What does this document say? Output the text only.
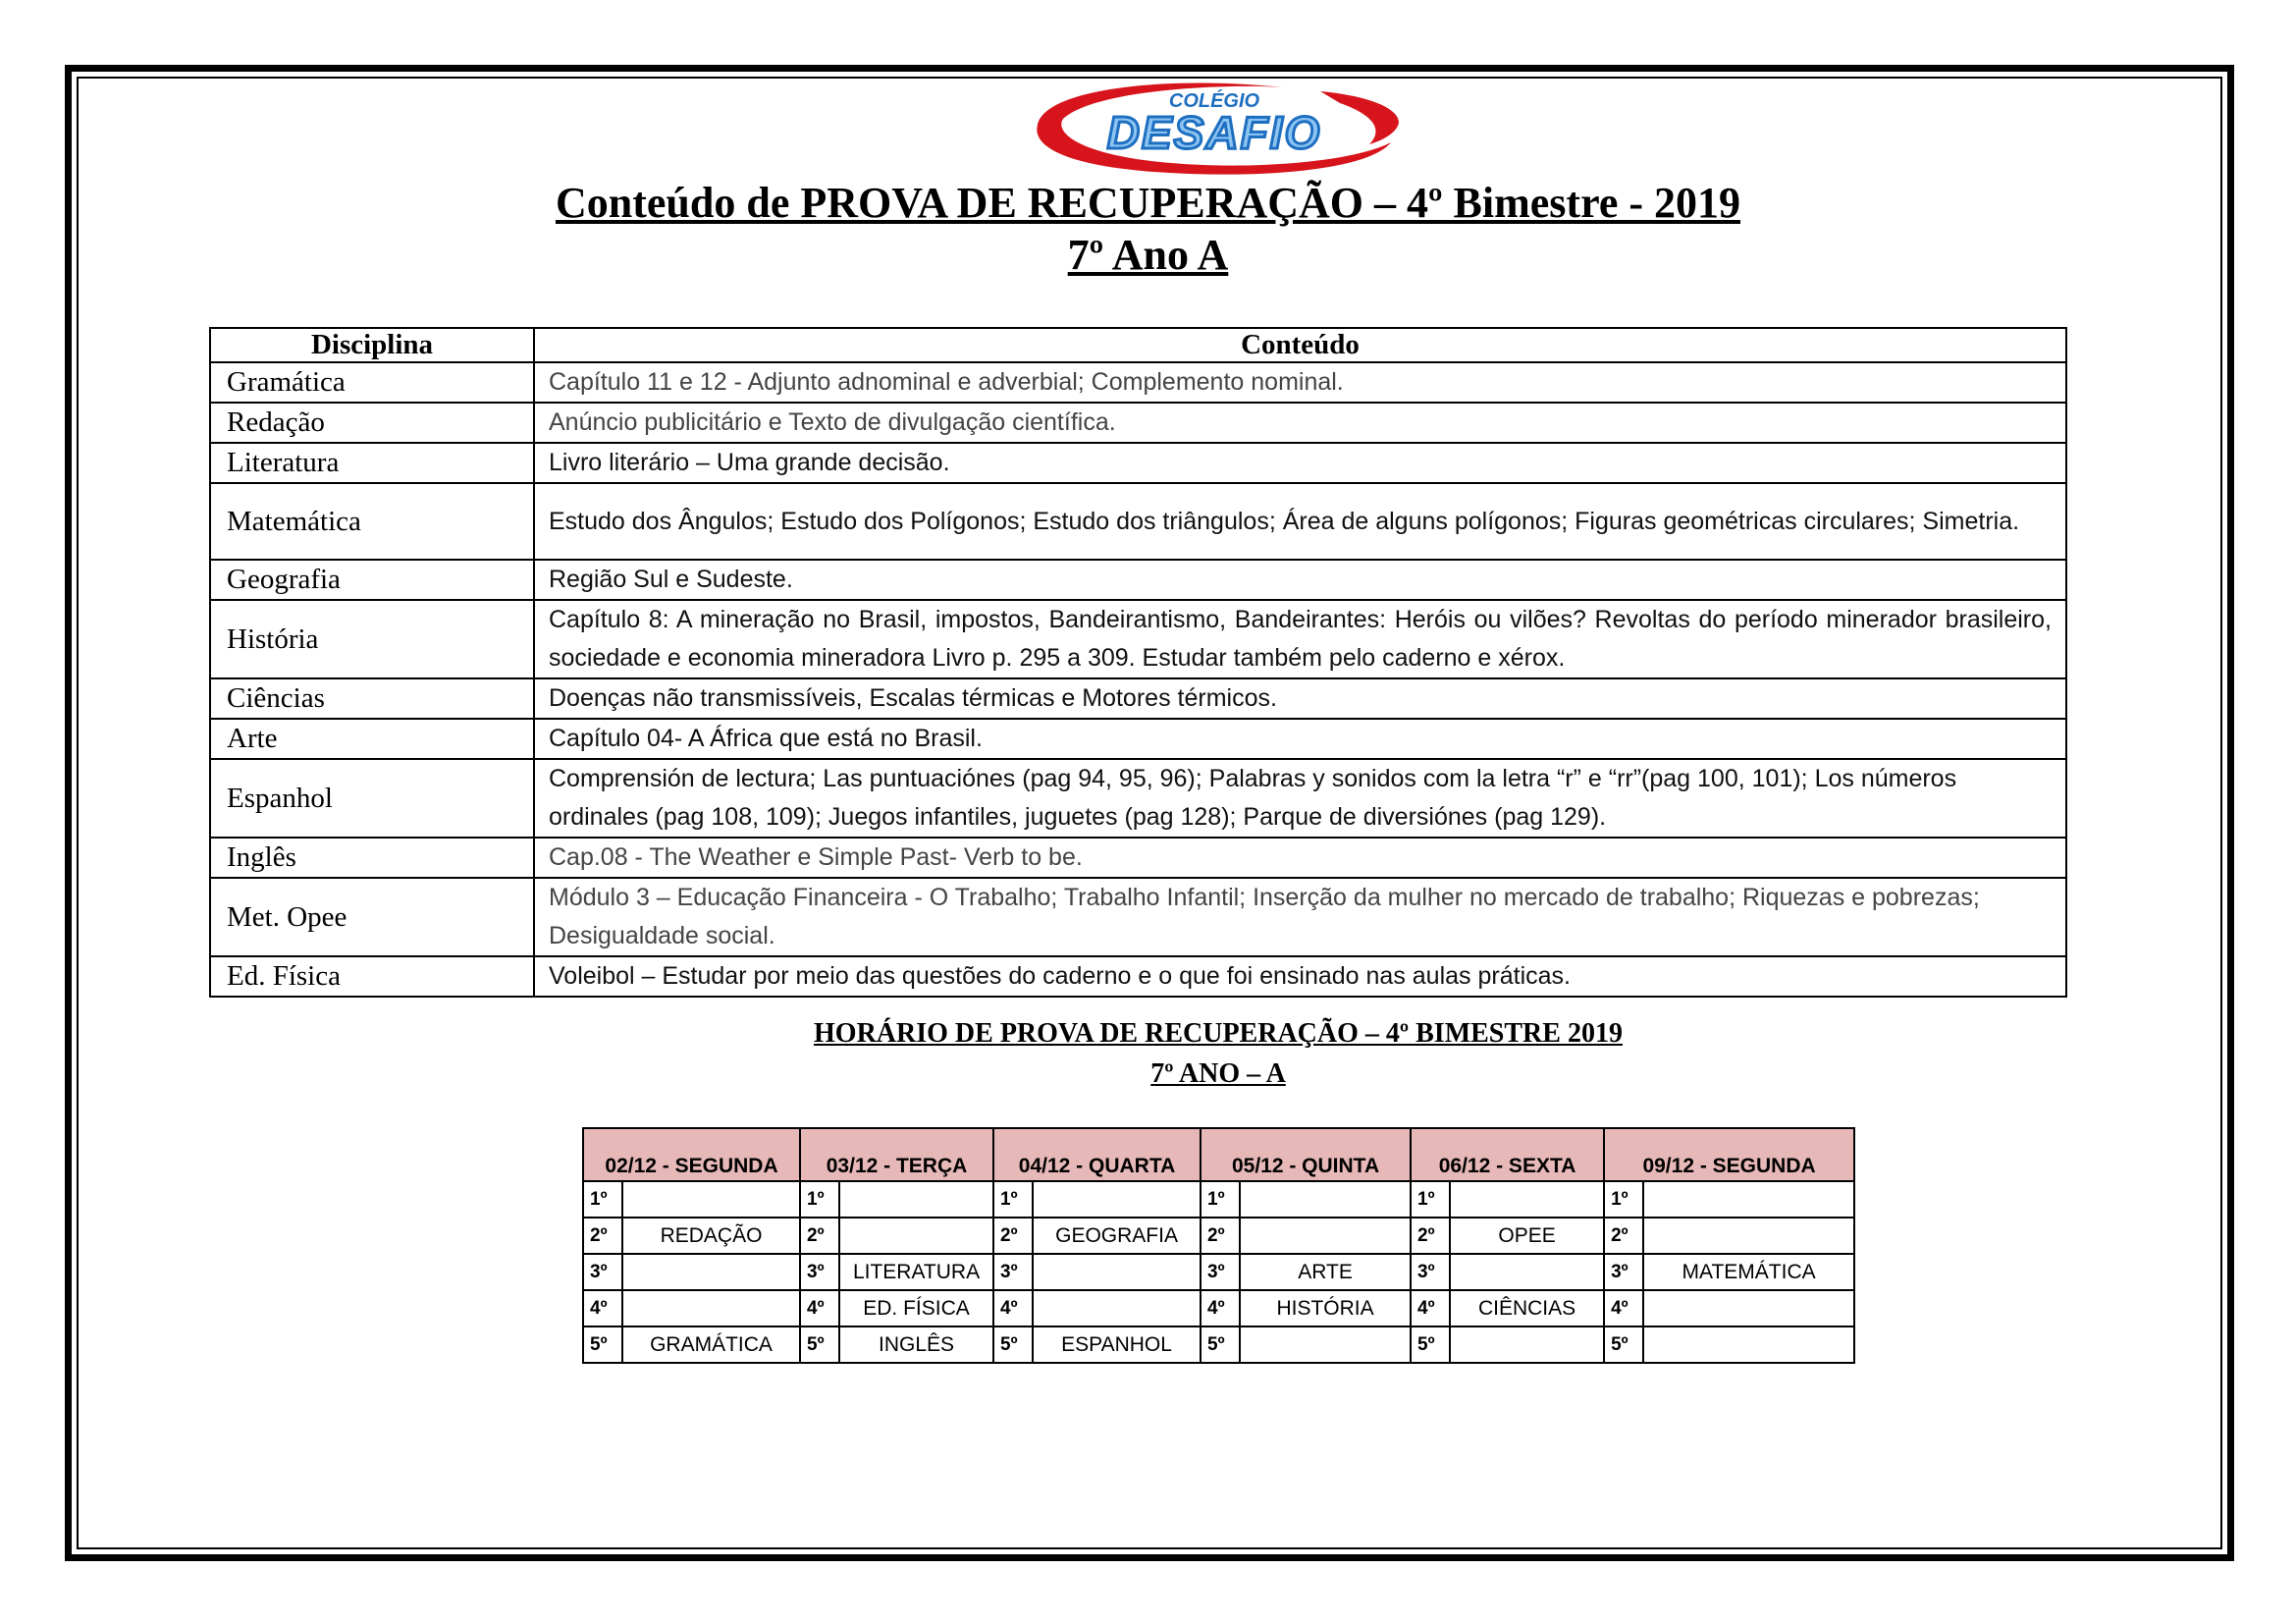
COLÉGIO
DESAFIO
Conteúdo de PROVA DE RECUPERAÇÃO – 4º Bimestre - 2019
7º Ano A
Disciplina	Conteúdo
Gramática	Capítulo 11 e 12 - Adjunto adnominal e adverbial; Complemento nominal.
Redação	Anúncio publicitário e Texto de divulgação científica.
Literatura	Livro literário – Uma grande decisão.
Matemática	Estudo dos Ângulos; Estudo dos Polígonos; Estudo dos triângulos; Área de alguns polígonos; Figuras geométricas circulares; Simetria.
Geografia	Região Sul e Sudeste.
História	Capítulo 8: A mineração no Brasil, impostos, Bandeirantismo, Bandeirantes: Heróis ou vilões? Revoltas do período minerador brasileiro, sociedade e economia mineradora Livro p. 295 a 309. Estudar também pelo caderno e xérox.
Ciências	Doenças não transmissíveis, Escalas térmicas e Motores térmicos.
Arte	Capítulo 04- A África que está no Brasil.
Espanhol	Comprensión de lectura; Las puntuaciónes (pag 94, 95, 96); Palabras y sonidos com la letra “r” e “rr”(pag 100, 101); Los números ordinales (pag 108, 109); Juegos infantiles, juguetes (pag 128); Parque de diversiónes (pag 129).
Inglês	Cap.08 - The Weather e Simple Past- Verb to be.
Met. Opee	Módulo 3 – Educação Financeira - O Trabalho; Trabalho Infantil; Inserção da mulher no mercado de trabalho; Riquezas e pobrezas; Desigualdade social.
Ed. Física	Voleibol – Estudar por meio das questões do caderno e o que foi ensinado nas aulas práticas.
HORÁRIO DE PROVA DE RECUPERAÇÃO – 4º BIMESTRE 2019
7º ANO – A
02/12 - SEGUNDA		03/12 - TERÇA		04/12 - QUARTA		05/12 - QUINTA		06/12 - SEXTA		09/12 - SEGUNDA	
1º		1º		1º		1º		1º		1º	
2º	REDAÇÃO	2º		2º	GEOGRAFIA	2º		2º	OPEE	2º	
3º		3º	LITERATURA	3º		3º	ARTE	3º		3º	MATEMÁTICA
4º		4º	ED. FÍSICA	4º		4º	HISTÓRIA	4º	CIÊNCIAS	4º	
5º	GRAMÁTICA	5º	INGLÊS	5º	ESPANHOL	5º		5º		5º	
